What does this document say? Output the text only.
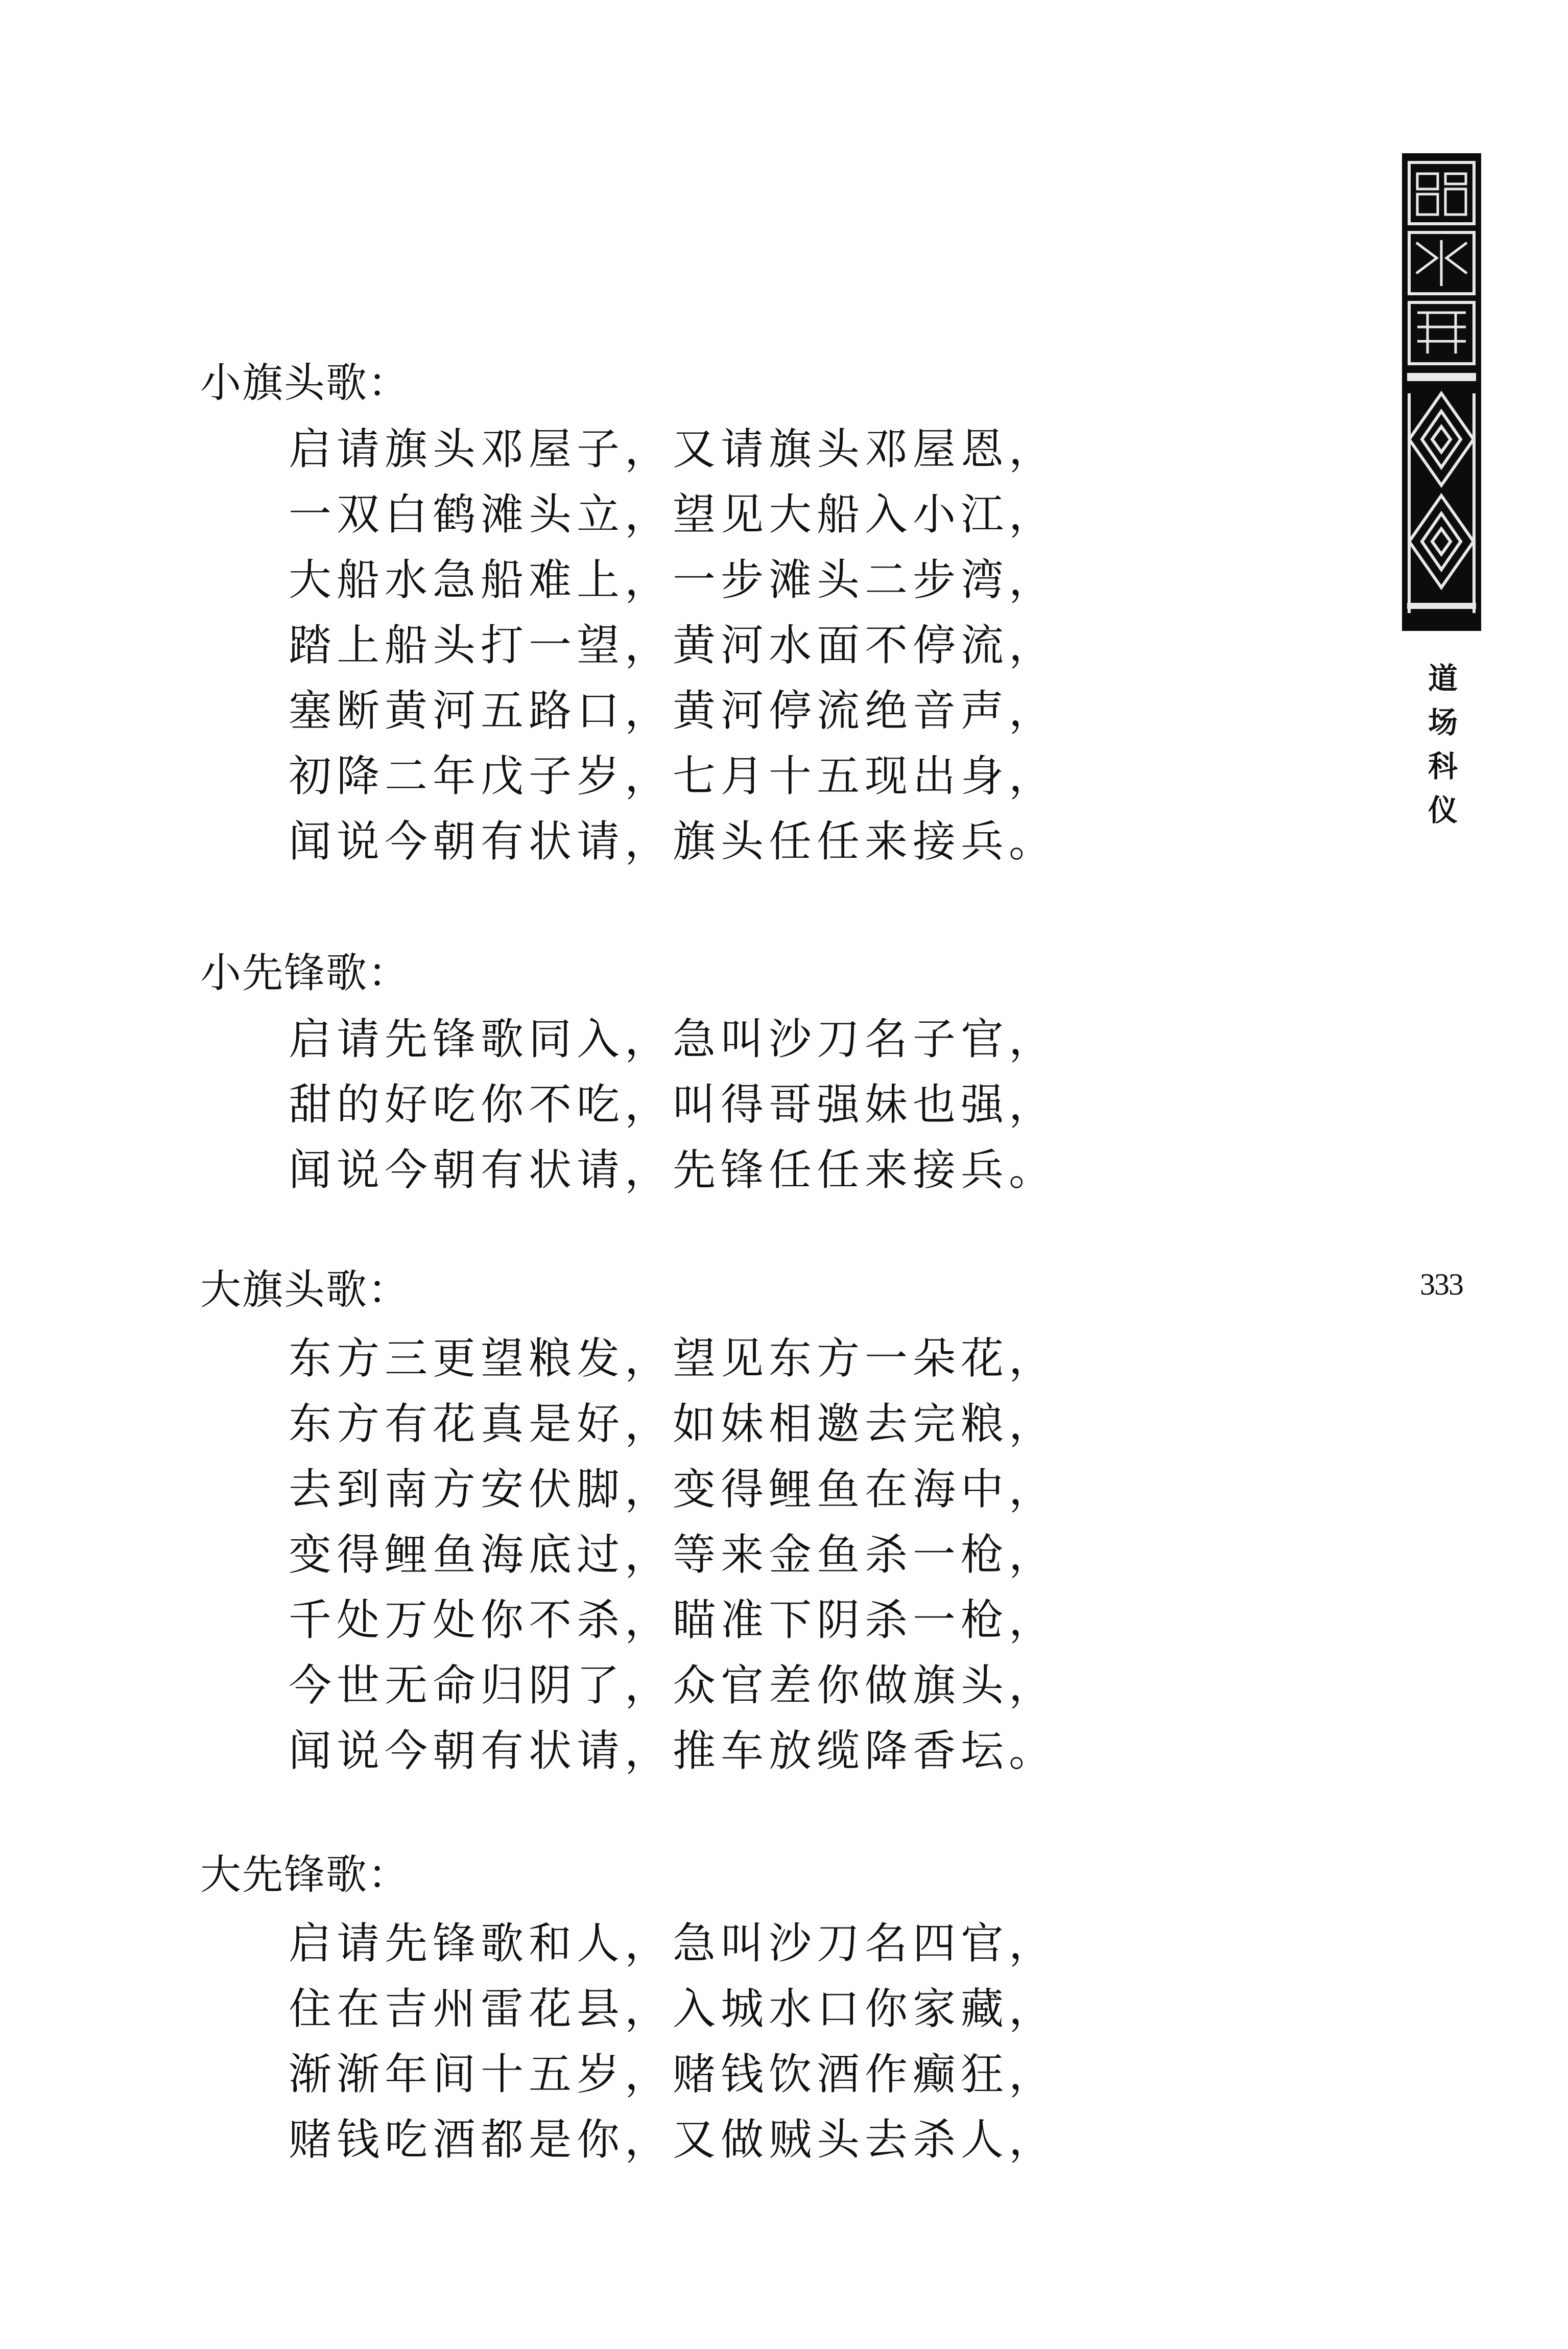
小旗头歌：
启请旗头邓屋子，又请旗头邓屋恩，
一双白鹤滩头立，望见大船入小江，
大船水急船难上，一步滩头二步湾，
踏上船头打一望，黄河水面不停流，
塞断黄河五路口，黄河停流绝音声，
初降二年戊子岁，七月十五现出身，
闻说今朝有状请，旗头任任来接兵。
小先锋歌：
启请先锋歌同入，急叫沙刀名子官，
甜的好吃你不吃，叫得哥强妹也强，
闻说今朝有状请，先锋任任来接兵。
大旗头歌：
东方三更望粮发，望见东方一朵花，
东方有花真是好，如妹相邀去完粮，
去到南方安伏脚，变得鲤鱼在海中，
变得鲤鱼海底过，等来金鱼杀一枪，
千处万处你不杀，瞄准下阴杀一枪，
今世无命归阴了，众官差你做旗头，
闻说今朝有状请，推车放缆降香坛。
大先锋歌：
启请先锋歌和人，急叫沙刀名四官，
住在吉州雷花县，入城水口你家藏，
渐渐年间十五岁，赌钱饮酒作癫狂，
赌钱吃酒都是你，又做贼头去杀人，
道
场
科
仪
333
